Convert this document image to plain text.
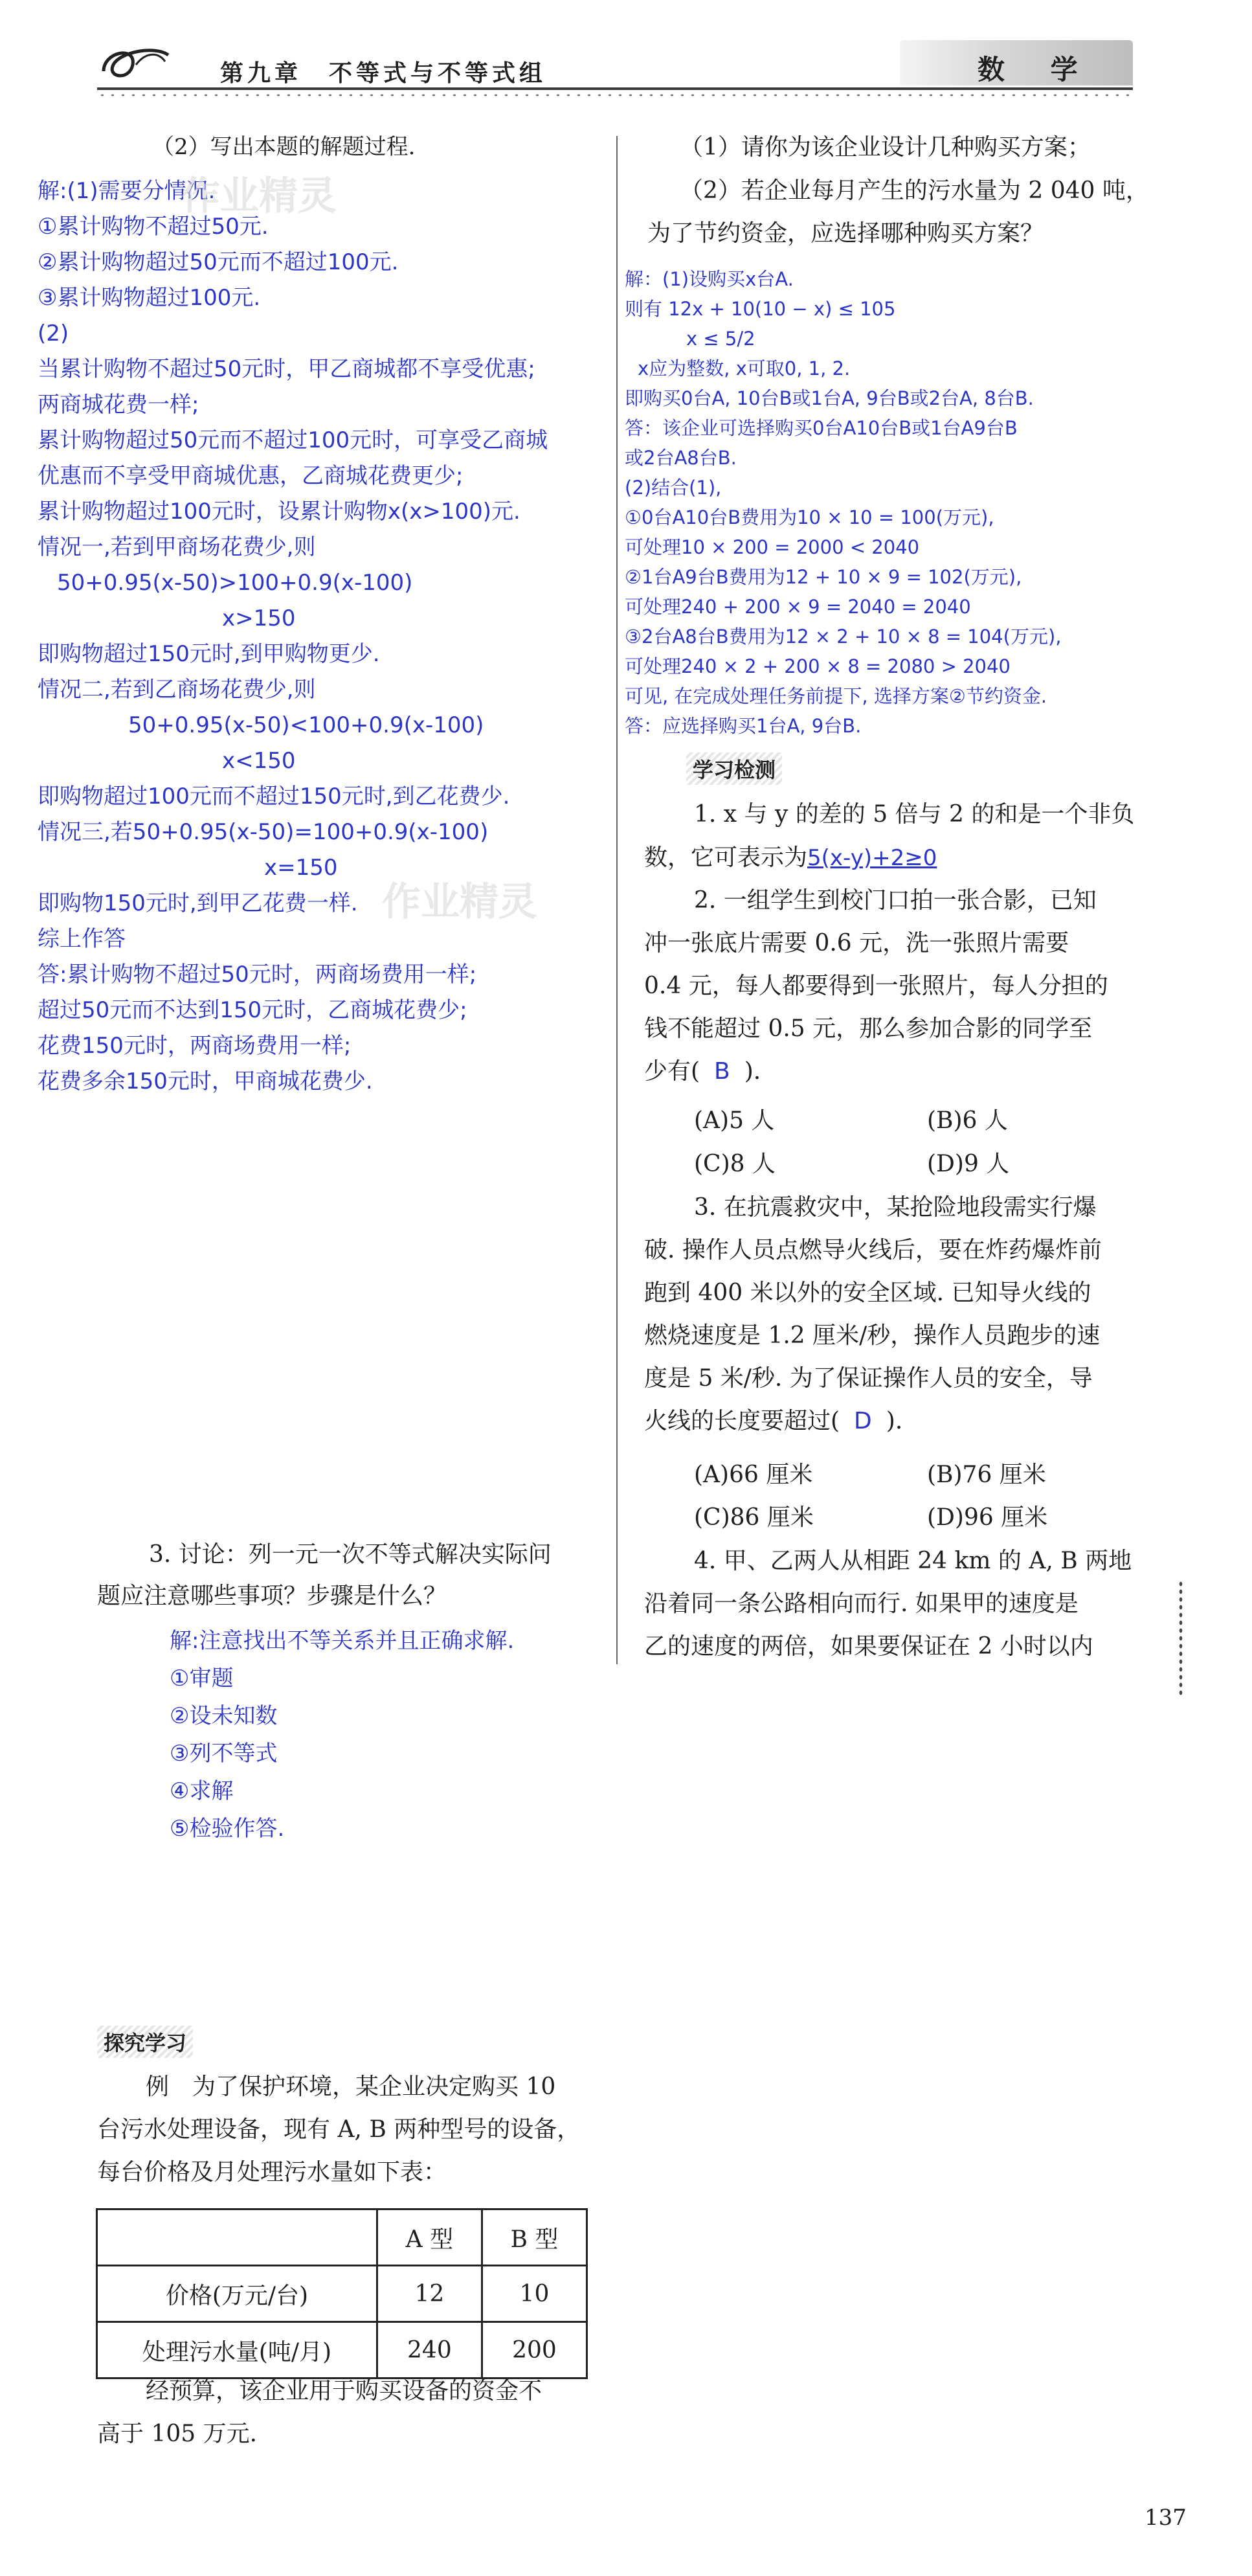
第九章　不等式与不等式组	数 学
（2）写出本题的解题过程.
解:(1)需要分情况.
①累计购物不超过50元.
②累计购物超过50元而不超过100元.
③累计购物超过100元.
(2)
当累计购物不超过50元时，甲乙商城都不享受优惠;
两商城花费一样;
累计购物超过50元而不超过100元时，可享受乙商城
优惠而不享受甲商城优惠，乙商城花费更少;
累计购物超过100元时，设累计购物x(x>100)元.
情况一,若到甲商场花费少,则
50+0.95(x-50)>100+0.9(x-100)
x>150
即购物超过150元时,到甲购物更少.
情况二,若到乙商场花费少,则
50+0.95(x-50)<100+0.9(x-100)
x<150
即购物超过100元而不超过150元时,到乙花费少.
情况三,若50+0.95(x-50)=100+0.9(x-100)
x=150
即购物150元时,到甲乙花费一样.
综上作答
答:累计购物不超过50元时，两商场费用一样;
超过50元而不达到150元时，乙商城花费少;
花费150元时，两商场费用一样;
花费多余150元时，甲商城花费少.
作业精灵
作业精灵
（1）请你为该企业设计几种购买方案；
（2）若企业每月产生的污水量为 2 040 吨，
为了节约资金，应选择哪种购买方案？
解：(1)设购买x台A.
则有 12x + 10(10 − x) ≤ 105
x ≤ 5/2
x应为整数, x可取0, 1, 2.
即购买0台A, 10台B或1台A, 9台B或2台A, 8台B.
答：该企业可选择购买0台A10台B或1台A9台B
或2台A8台B.
(2)结合(1),
①0台A10台B费用为10 × 10 = 100(万元),
可处理10 × 200 = 2000 < 2040
②1台A9台B费用为12 + 10 × 9 = 102(万元),
可处理240 + 200 × 9 = 2040 = 2040
③2台A8台B费用为12 × 2 + 10 × 8 = 104(万元),
可处理240 × 2 + 200 × 8 = 2080 > 2040
可见, 在完成处理任务前提下, 选择方案②节约资金.
答：应选择购买1台A, 9台B.
学习检测
1. x 与 y 的差的 5 倍与 2 的和是一个非负
数，它可表示为5(x-y)+2≥0
2. 一组学生到校门口拍一张合影，已知
冲一张底片需要 0.6 元，洗一张照片需要
0.4 元，每人都要得到一张照片，每人分担的
钱不能超过 0.5 元，那么参加合影的同学至
少有( B ).
(A)5 人	(B)6 人
(C)8 人	(D)9 人
3. 在抗震救灾中，某抢险地段需实行爆
破. 操作人员点燃导火线后，要在炸药爆炸前
跑到 400 米以外的安全区域. 已知导火线的
燃烧速度是 1.2 厘米/秒，操作人员跑步的速
度是 5 米/秒. 为了保证操作人员的安全，导
火线的长度要超过( D ).
(A)66 厘米	(B)76 厘米
(C)86 厘米	(D)96 厘米
4. 甲、乙两人从相距 24 km 的 A, B 两地
沿着同一条公路相向而行. 如果甲的速度是
乙的速度的两倍，如果要保证在 2 小时以内
3. 讨论：列一元一次不等式解决实际问
题应注意哪些事项？步骤是什么？
解:注意找出不等关系并且正确求解.
①审题
②设未知数
③列不等式
④求解
⑤检验作答.
探究学习
例　为了保护环境，某企业决定购买 10
台污水处理设备，现有 A, B 两种型号的设备，
每台价格及月处理污水量如下表：
	A 型	B 型
价格(万元/台)	12	10
处理污水量(吨/月)	240	200
经预算，该企业用于购买设备的资金不
高于 105 万元.
137
